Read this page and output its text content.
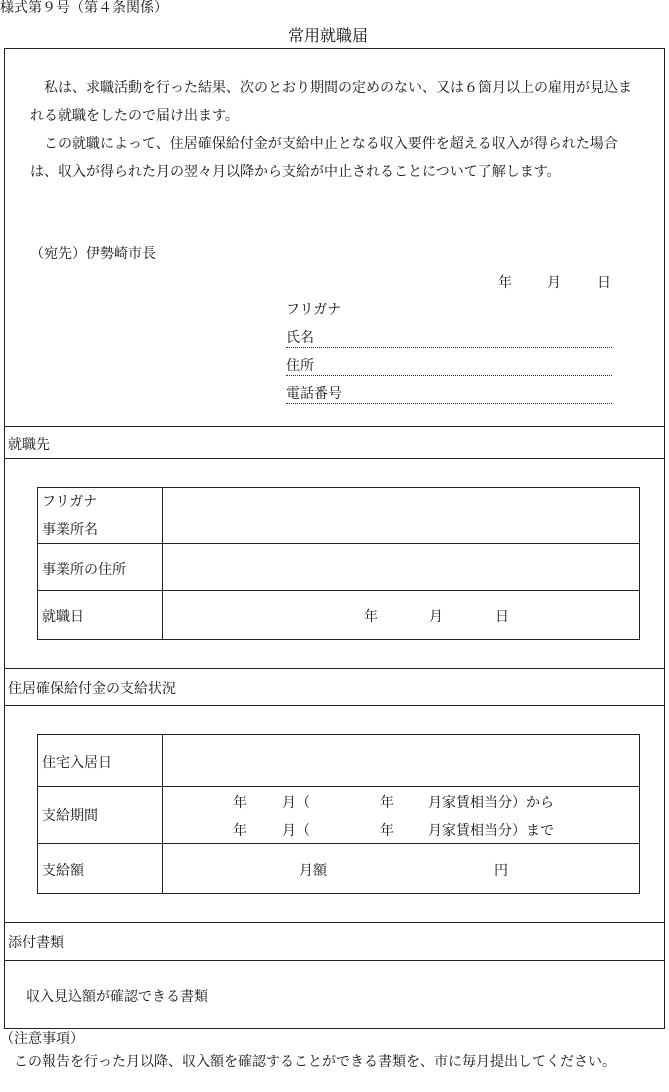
様式第９号（第４条関係）
常用就職届

私は、求職活動を行った結果、次のとおり期間の定めのない、又は６箇月以上の雇用が見込まれる就職をしたので届け出ます。

この就職によって、住居確保給付金が支給中止となる収入要件を超える収入が得られた場合は、収入が得られた月の翌々月以降から支給が中止されることについて了解します。

（宛先）伊勢崎市長
年	月	日
フリガナ
氏名
住所
電話番号
就職先
フリガナ
事業所名
事業所の住所
就職日	年	月	日
住居確保給付金の支給状況
住宅入居日
支給期間
年	月（	年 月家賃相当分）から
年	月（	年 月家賃相当分）まで
支給額	月額	円
添付書類
収入見込額が確認できる書類
（注意事項）
この報告を行った月以降、収入額を確認することができる書類を、市に毎月提出してください。
